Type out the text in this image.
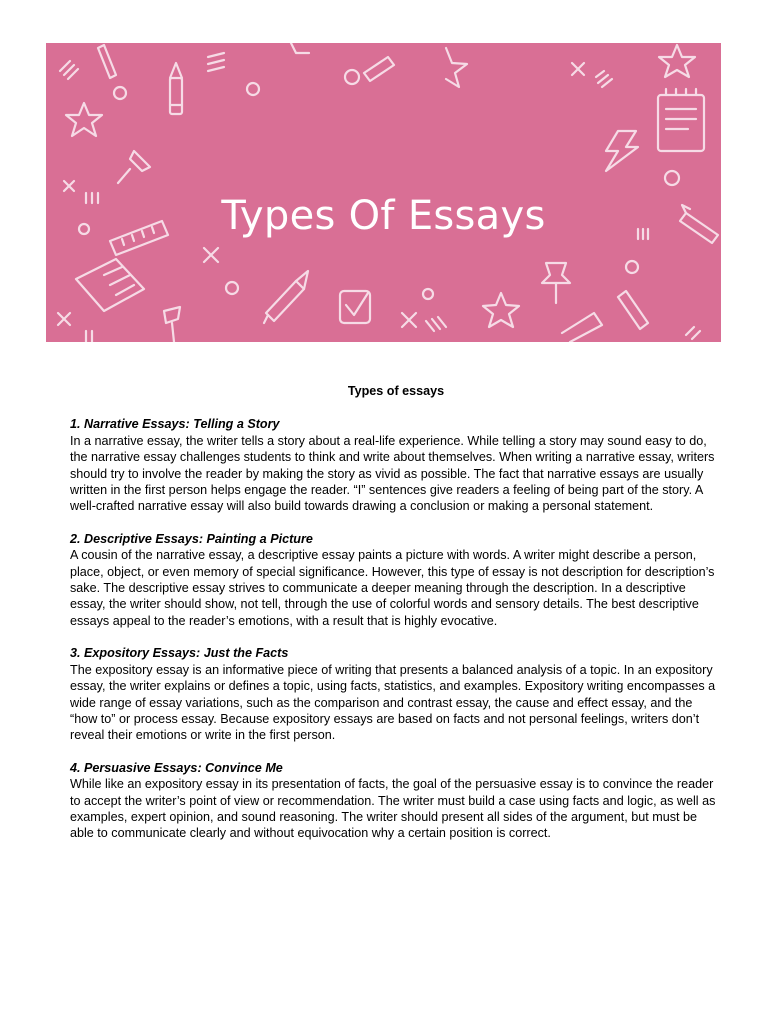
Types Of Essays

Types of essays

1. Narrative Essays: Telling a Story

In a narrative essay, the writer tells a story about a real-life experience. While telling a story may sound easy to do, the narrative essay challenges students to think and write about themselves. When writing a narrative essay, writers should try to involve the reader by making the story as vivid as possible. The fact that narrative essays are usually written in the first person helps engage the reader. “I” sentences give readers a feeling of being part of the story. A well-crafted narrative essay will also build towards drawing a conclusion or making a personal statement.

2. Descriptive Essays: Painting a Picture

A cousin of the narrative essay, a descriptive essay paints a picture with words. A writer might describe a person, place, object, or even memory of special significance. However, this type of essay is not description for description’s sake. The descriptive essay strives to communicate a deeper meaning through the description. In a descriptive essay, the writer should show, not tell, through the use of colorful words and sensory details. The best descriptive essays appeal to the reader’s emotions, with a result that is highly evocative.

3. Expository Essays: Just the Facts

The expository essay is an informative piece of writing that presents a balanced analysis of a topic. In an expository essay, the writer explains or defines a topic, using facts, statistics, and examples. Expository writing encompasses a wide range of essay variations, such as the comparison and contrast essay, the cause and effect essay, and the “how to” or process essay. Because expository essays are based on facts and not personal feelings, writers don’t reveal their emotions or write in the first person.

4. Persuasive Essays: Convince Me

While like an expository essay in its presentation of facts, the goal of the persuasive essay is to convince the reader to accept the writer’s point of view or recommendation. The writer must build a case using facts and logic, as well as examples, expert opinion, and sound reasoning. The writer should present all sides of the argument, but must be able to communicate clearly and without equivocation why a certain position is correct.
